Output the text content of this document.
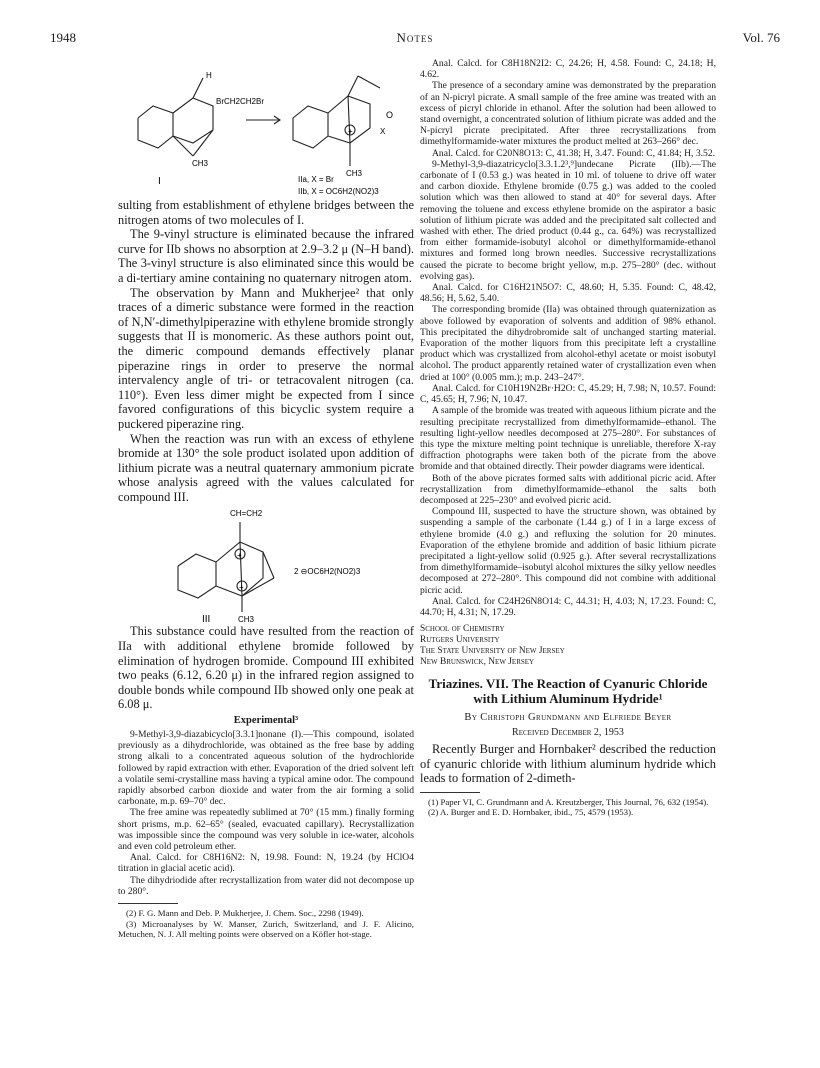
1948	Notes	Vol. 76
+
H
BrCH2CH2Br
CH3
I
O
X
CH3
IIa, X = Br
IIb, X = OC6H2(NO2)3

sulting from establishment of ethylene bridges between the nitrogen atoms of two molecules of I.

The 9-vinyl structure is eliminated because the infrared curve for IIb shows no absorption at 2.9–3.2 μ (N–H band). The 3-vinyl structure is also eliminated since this would be a di-tertiary amine containing no quaternary nitrogen atom.

The observation by Mann and Mukherjee² that only traces of a dimeric substance were formed in the reaction of N,N′-dimethylpiperazine with ethylene bromide strongly suggests that II is monomeric. As these authors point out, the dimeric compound demands effectively planar piperazine rings in order to preserve the normal intervalency angle of tri- or tetracovalent nitrogen (ca. 110°). Even less dimer might be expected from I since favored configurations of this bicyclic system require a puckered piperazine ring.

When the reaction was run with an excess of ethylene bromide at 130° the sole product isolated upon addition of lithium picrate was a neutral quaternary ammonium picrate whose analysis agreed with the values calculated for compound III.

+
+
CH=CH2
2 ⊖OC6H2(NO2)3
CH3
III

This substance could have resulted from the reaction of IIa with additional ethylene bromide followed by elimination of hydrogen bromide. Compound III exhibited two peaks (6.12, 6.20 μ) in the infrared region assigned to double bonds while compound IIb showed only one peak at 6.08 μ.

Experimental³

9-Methyl-3,9-diazabicyclo[3.3.1]nonane (I).—This compound, isolated previously as a dihydrochloride, was obtained as the free base by adding strong alkali to a concentrated aqueous solution of the hydrochloride followed by rapid extraction with ether. Evaporation of the dried solvent left a volatile semi-crystalline mass having a typical amine odor. The compound rapidly absorbed carbon dioxide and water from the air forming a solid carbonate, m.p. 69–70° dec.

The free amine was repeatedly sublimed at 70° (15 mm.) finally forming short prisms, m.p. 62–65° (sealed, evacuated capillary). Recrystallization was impossible since the compound was very soluble in ice-water, alcohols and even cold petroleum ether.

Anal. Calcd. for C8H16N2: N, 19.98. Found: N, 19.24 (by HClO4 titration in glacial acetic acid).

The dihydriodide after recrystallization from water did not decompose up to 280°.

(2) F. G. Mann and Deb. P. Mukherjee, J. Chem. Soc., 2298 (1949).

(3) Microanalyses by W. Manser, Zurich, Switzerland, and J. F. Alicino, Metuchen, N. J. All melting points were observed on a Köfler hot-stage.

Anal. Calcd. for C8H18N2I2: C, 24.26; H, 4.58. Found: C, 24.18; H, 4.62.

The presence of a secondary amine was demonstrated by the preparation of an N-picryl picrate. A small sample of the free amine was treated with an excess of picryl chloride in ethanol. After the solution had been allowed to stand overnight, a concentrated solution of lithium picrate was added and the N-picryl picrate precipitated. After three recrystallizations from dimethylformamide-water mixtures the product melted at 263–266° dec.

Anal. Calcd. for C20N8O13: C, 41.38; H, 3.47. Found: C, 41.84; H, 3.52.

9-Methyl-3,9-diazatricyclo[3.3.1.2³,⁹]undecane Picrate (IIb).—The carbonate of I (0.53 g.) was heated in 10 ml. of toluene to drive off water and carbon dioxide. Ethylene bromide (0.75 g.) was added to the cooled solution which was then allowed to stand at 40° for several days. After removing the toluene and excess ethylene bromide on the aspirator a basic solution of lithium picrate was added and the precipitated salt collected and washed with ether. The dried product (0.44 g., ca. 64%) was recrystallized from either formamide-isobutyl alcohol or dimethylformamide-ethanol mixtures and formed long brown needles. Successive recrystallizations caused the picrate to become bright yellow, m.p. 275–280° (dec. without evolving gas).

Anal. Calcd. for C16H21N5O7: C, 48.60; H, 5.35. Found: C, 48.42, 48.56; H, 5.62, 5.40.

The corresponding bromide (IIa) was obtained through quaternization as above followed by evaporation of solvents and addition of 98% ethanol. This precipitated the dihydrobromide salt of unchanged starting material. Evaporation of the mother liquors from this precipitate left a crystalline product which was crystallized from alcohol-ethyl acetate or moist isobutyl alcohol. The product apparently retained water of crystallization even when dried at 100° (0.005 mm.); m.p. 243–247°.

Anal. Calcd. for C10H19N2Br·H2O: C, 45.29; H, 7.98; N, 10.57. Found: C, 45.65; H, 7.96; N, 10.47.

A sample of the bromide was treated with aqueous lithium picrate and the resulting precipitate recrystallized from dimethylformamide–ethanol. The resulting light-yellow needles decomposed at 275–280°. For substances of this type the mixture melting point technique is unreliable, therefore X-ray diffraction photographs were taken both of the picrate from the above bromide and that obtained directly. Their powder diagrams were identical.

Both of the above picrates formed salts with additional picric acid. After recrystallization from dimethylformamide–ethanol the salts both decomposed at 225–230° and evolved picric acid.

Compound III, suspected to have the structure shown, was obtained by suspending a sample of the carbonate (1.44 g.) of I in a large excess of ethylene bromide (4.0 g.) and refluxing the solution for 20 minutes. Evaporation of the ethylene bromide and addition of basic lithium picrate precipitated a light-yellow solid (0.925 g.). After several recrystallizations from dimethylformamide–isobutyl alcohol mixtures the silky yellow needles decomposed at 272–280°. This compound did not combine with additional picric acid.

Anal. Calcd. for C24H26N8O14: C, 44.31; H, 4.03; N, 17.23. Found: C, 44.70; H, 4.31; N, 17.29.

School of Chemistry
Rutgers University
The State University of New Jersey
New Brunswick, New Jersey
Triazines. VII. The Reaction of Cyanuric Chloride with Lithium Aluminum Hydride¹
By Christoph Grundmann and Elfriede Beyer
Received December 2, 1953

Recently Burger and Hornbaker² described the reduction of cyanuric chloride with lithium aluminum hydride which leads to formation of 2-dimeth-

(1) Paper VI, C. Grundmann and A. Kreutzberger, This Journal, 76, 632 (1954).

(2) A. Burger and E. D. Hornbaker, ibid., 75, 4579 (1953).
